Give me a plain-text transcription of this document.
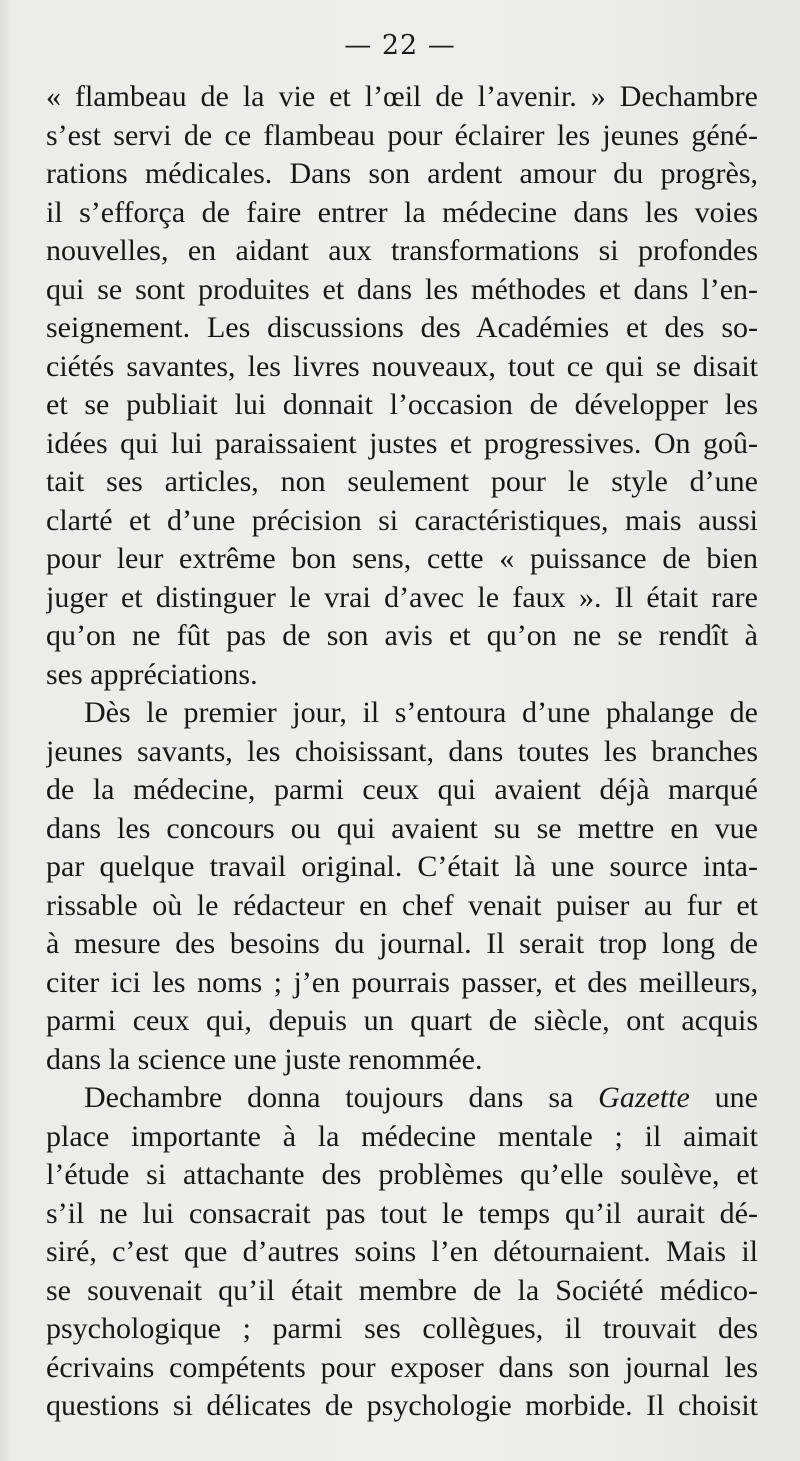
— 22 —
« flambeau de la vie et l’œil de l’avenir. » Dechambre
s’est servi de ce flambeau pour éclairer les jeunes géné-
rations médicales. Dans son ardent amour du progrès,
il s’efforça de faire entrer la médecine dans les voies
nouvelles, en aidant aux transformations si profondes
qui se sont produites et dans les méthodes et dans l’en-
seignement. Les discussions des Académies et des so-
ciétés savantes, les livres nouveaux, tout ce qui se disait
et se publiait lui donnait l’occasion de développer les
idées qui lui paraissaient justes et progressives. On goû-
tait ses articles, non seulement pour le style d’une
clarté et d’une précision si caractéristiques, mais aussi
pour leur extrême bon sens, cette « puissance de bien
juger et distinguer le vrai d’avec le faux ». Il était rare
qu’on ne fût pas de son avis et qu’on ne se rendît à
ses appréciations.
Dès le premier jour, il s’entoura d’une phalange de
jeunes savants, les choisissant, dans toutes les branches
de la médecine, parmi ceux qui avaient déjà marqué
dans les concours ou qui avaient su se mettre en vue
par quelque travail original. C’était là une source inta-
rissable où le rédacteur en chef venait puiser au fur et
à mesure des besoins du journal. Il serait trop long de
citer ici les noms ; j’en pourrais passer, et des meilleurs,
parmi ceux qui, depuis un quart de siècle, ont acquis
dans la science une juste renommée.
Dechambre donna toujours dans sa Gazette une
place importante à la médecine mentale ; il aimait
l’étude si attachante des problèmes qu’elle soulève, et
s’il ne lui consacrait pas tout le temps qu’il aurait dé-
siré, c’est que d’autres soins l’en détournaient. Mais il
se souvenait qu’il était membre de la Société médico-
psychologique ; parmi ses collègues, il trouvait des
écrivains compétents pour exposer dans son journal les
questions si délicates de psychologie morbide. Il choisit
